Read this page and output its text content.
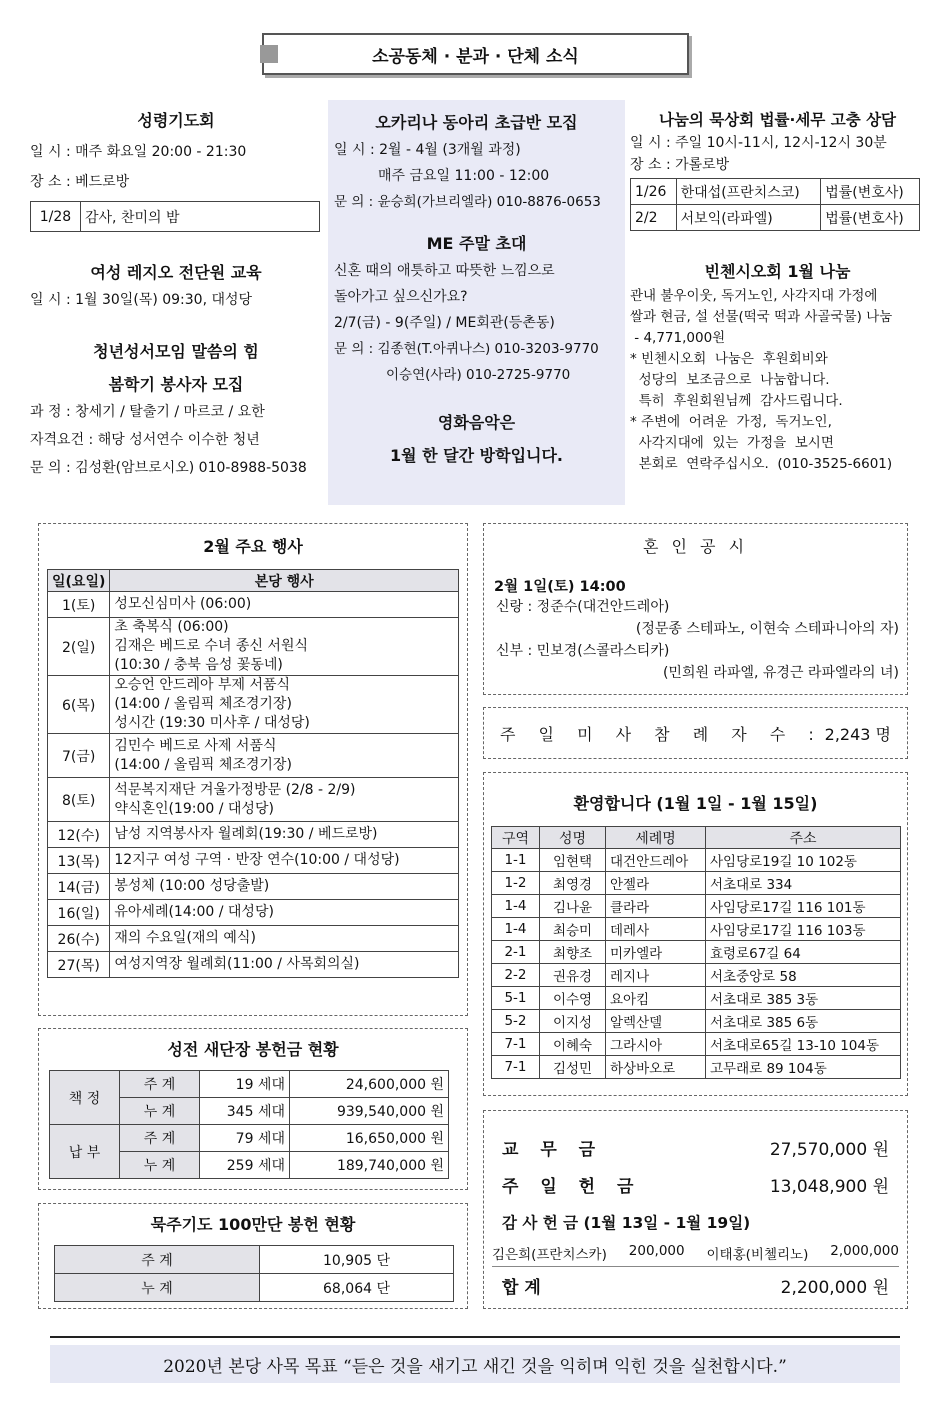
소공동체 · 분과 · 단체 소식
성령기도회
일 시 : 매주 화요일 20:00 - 21:30
장 소 : 베드로방
1/28	감사, 찬미의 밤
여성 레지오 전단원 교육
일 시 : 1월 30일(목) 09:30, 대성당
청년성서모임 말씀의 힘
봄학기 봉사자 모집
과 정 : 창세기 / 탈출기 / 마르코 / 요한
자격요건 : 해당 성서연수 이수한 청년
문 의 : 김성환(암브로시오) 010-8988-5038
오카리나 동아리 초급반 모집
일 시 : 2월 - 4월 (3개월 과정)
매주 금요일 11:00 - 12:00
문 의 : 윤승희(가브리엘라) 010-8876-0653
ME 주말 초대
신혼 때의 애틋하고 따뜻한 느낌으로
돌아가고 싶으신가요?
2/7(금) - 9(주일) / ME회관(등촌동)
문 의 : 김종현(T.아퀴나스) 010-3203-9770
이승연(사라) 010-2725-9770
영화음악은
1월 한 달간 방학입니다.
나눔의 묵상회 법률·세무 고충 상담
일 시 : 주일 10시-11시, 12시-12시 30분
장 소 : 가롤로방
1/26	한대섭(프란치스코)	법률(변호사)
2/2	서보익(라파엘)	법률(변호사)
빈첸시오회 1월 나눔
관내 불우이웃, 독거노인, 사각지대 가정에
쌀과 현금, 설 선물(떡국 떡과 사골국물) 나눔
- 4,771,000원
* 빈첸시오회  나눔은  후원회비와
성당의  보조금으로  나눔합니다.
특히  후원회원님께  감사드립니다.
* 주변에  어려운  가정,  독거노인,
사각지대에  있는  가정을  보시면
본회로  연락주십시오.  (010-3525-6601)
2월 주요 행사
일(요일)	본당 행사
1(토)	성모신심미사 (06:00)

2(일)	초 축복식 (06:00)
김재은 베드로 수녀 종신 서원식
(10:30 / 충북 음성 꽃동네)

6(목)	오승언 안드레아 부제 서품식
(14:00 / 올림픽 체조경기장)
성시간 (19:30 미사후 / 대성당)

7(금)	김민수 베드로 사제 서품식
(14:00 / 올림픽 체조경기장)

8(토)	석문복지재단 겨울가정방문 (2/8 - 2/9)
약식혼인(19:00 / 대성당)

12(수)	남성 지역봉사자 월례회(19:30 / 베드로방)

13(목)	12지구 여성 구역 · 반장 연수(10:00 / 대성당)

14(금)	봉성체 (10:00 성당출발)

16(일)	유아세례(14:00 / 대성당)

26(수)	재의 수요일(재의 예식)

27(목)	여성지역장 월례회(11:00 / 사목회의실)
성전 새단장 봉헌금 현황
책 정	주 계	19 세대	24,600,000 원
	누 계	345 세대	939,540,000 원
납 부	주 계	79 세대	16,650,000 원
	누 계	259 세대	189,740,000 원
묵주기도 100만단 봉헌 현황
주 계	10,905 단
누 계	68,064 단
혼 인 공 시
2월 1일(토) 14:00
신랑 : 정준수(대건안드레아)
(정문종 스테파노, 이현숙 스테파니아의 자)
신부 : 민보경(스콜라스티카)
(민희원 라파엘, 유경근 라파엘라의 녀)
주 일 미 사 참 례 자 수 : 2,243 명
환영합니다 (1월 1일 - 1월 15일)
구역	성명	세례명	주소
1-1	임현택	대건안드레아	사임당로19길 10 102동
1-2	최영경	안젤라	서초대로 334
1-4	김나윤	클라라	사임당로17길 116 101동
1-4	최승미	데레사	사임당로17길 116 103동
2-1	최향조	미카엘라	효령로67길 64
2-2	권유경	레지나	서초중앙로 58
5-1	이수영	요아킴	서초대로 385 3동
5-2	이지성	알렉산델	서초대로 385 6동
7-1	이혜숙	그라시아	서초대로65길 13-10 104동
7-1	김성민	하상바오로	고무래로 89 104동
교 무 금	27,570,000 원
주 일 헌 금	13,048,900 원
감 사 헌 금 (1월 13일 - 1월 19일)
김은희(프란치스카) 200,000 이태홍(비첼리노) 2,000,000
합 계	2,200,000 원
2020년 본당 사목 목표 “듣은 것을 새기고 새긴 것을 익히며 익힌 것을 실천합시다.”
